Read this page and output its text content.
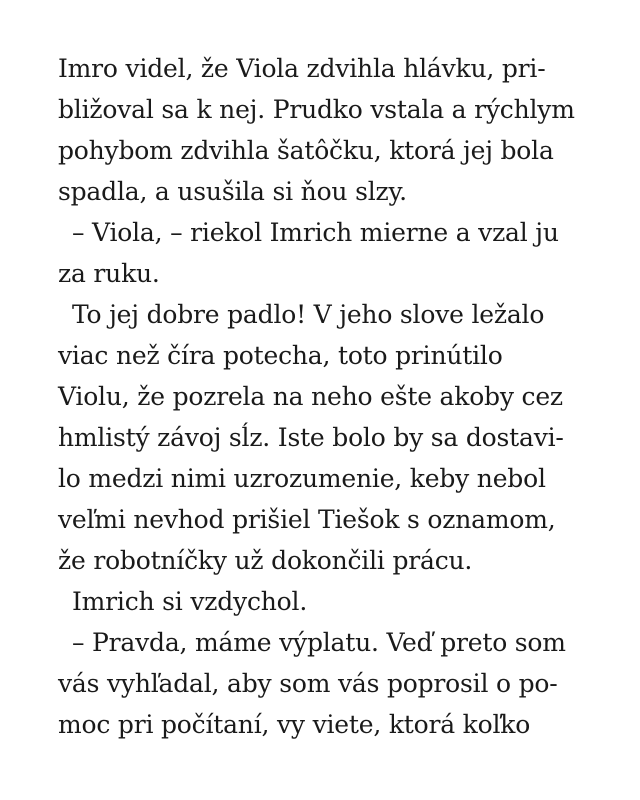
Imro videl, že Viola zdvihla hlávku, pri-
bližoval sa k nej. Prudko vstala a rýchlym
pohybom zdvihla šatôčku, ktorá jej bola
spadla, a usušila si ňou slzy.
– Viola, – riekol Imrich mierne a vzal ju
za ruku.
To jej dobre padlo! V jeho slove ležalo
viac než číra potecha, toto prinútilo
Violu, že pozrela na neho ešte akoby cez
hmlistý závoj sĺz. Iste bolo by sa dostavi-
lo medzi nimi uzrozumenie, keby nebol
veľmi nevhod prišiel Tiešok s oznamom,
že robotníčky už dokončili prácu.
Imrich si vzdychol.
– Pravda, máme výplatu. Veď preto som
vás vyhľadal, aby som vás poprosil o po-
moc pri počítaní, vy viete, ktorá koľko
